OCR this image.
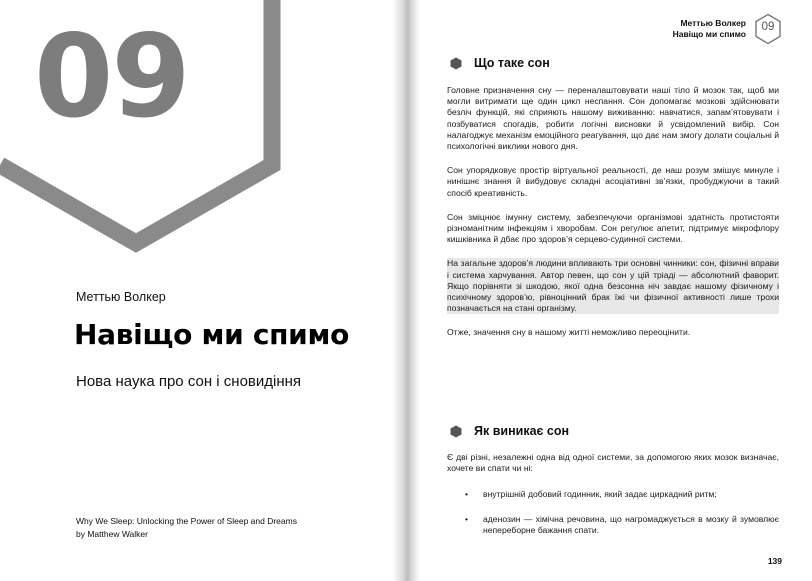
09
Меттью Волкер
Навіщо ми спимо
Нова наука про сон і сновидіння
Why We Sleep: Unlocking the Power of Sleep and Dreams
by Matthew Walker
Меттью Волкер
Навіщо ми спимо
09
Що таке сон

Головне призначення сну — переналаштовувати наші тіло й мозок так, щоб ми могли витримати ще один цикл неспання. Сон допомагає мозкові здійснювати безліч функцій, які сприяють нашому виживанню: навчатися, запам’ятовувати і позбуватися спогадів, робити логічні висновки й усвідомлений вибір. Сон налагоджує механізм емоційного реагування, що дає нам змогу долати соціальні й психологічні виклики нового дня.

Сон упорядковує простір віртуальної реальності, де наш розум змішує минуле і нинішнє знання й вибудовує складні асоціативні зв’язки, пробуджуючи в такий спосіб креативність.

Сон зміцнює імунну систему, забезпечуючи організмові здатність протистояти різноманітним інфекціям і хворобам. Сон регулює апетит, підтримує мікрофлору кишківника й дбає про здоров’я серцево-судинної системи.

На загальне здоров’я людини впливають три основні чинники: сон, фізичні вправи і система харчування. Автор певен, що сон у цій тріаді — абсолютний фаворит. Якщо порівняти зі шкодою, якої одна безсонна ніч завдає нашому фізичному і психічному здоров’ю, рівноцінний брак їжі чи фізичної активності лише трохи позначається на стані організму.

Отже, значення сну в нашому житті неможливо переоцінити.

Як виникає сон

Є дві різні, незалежні одна від одної системи, за допомогою яких мозок визначає, хочете ви спати чи ні:

• внутрішній добовий годинник, який задає циркадний ритм;
• аденозин — хімічна речовина, що нагромаджується в мозку й зумовлює непереборне бажання спати.
139
